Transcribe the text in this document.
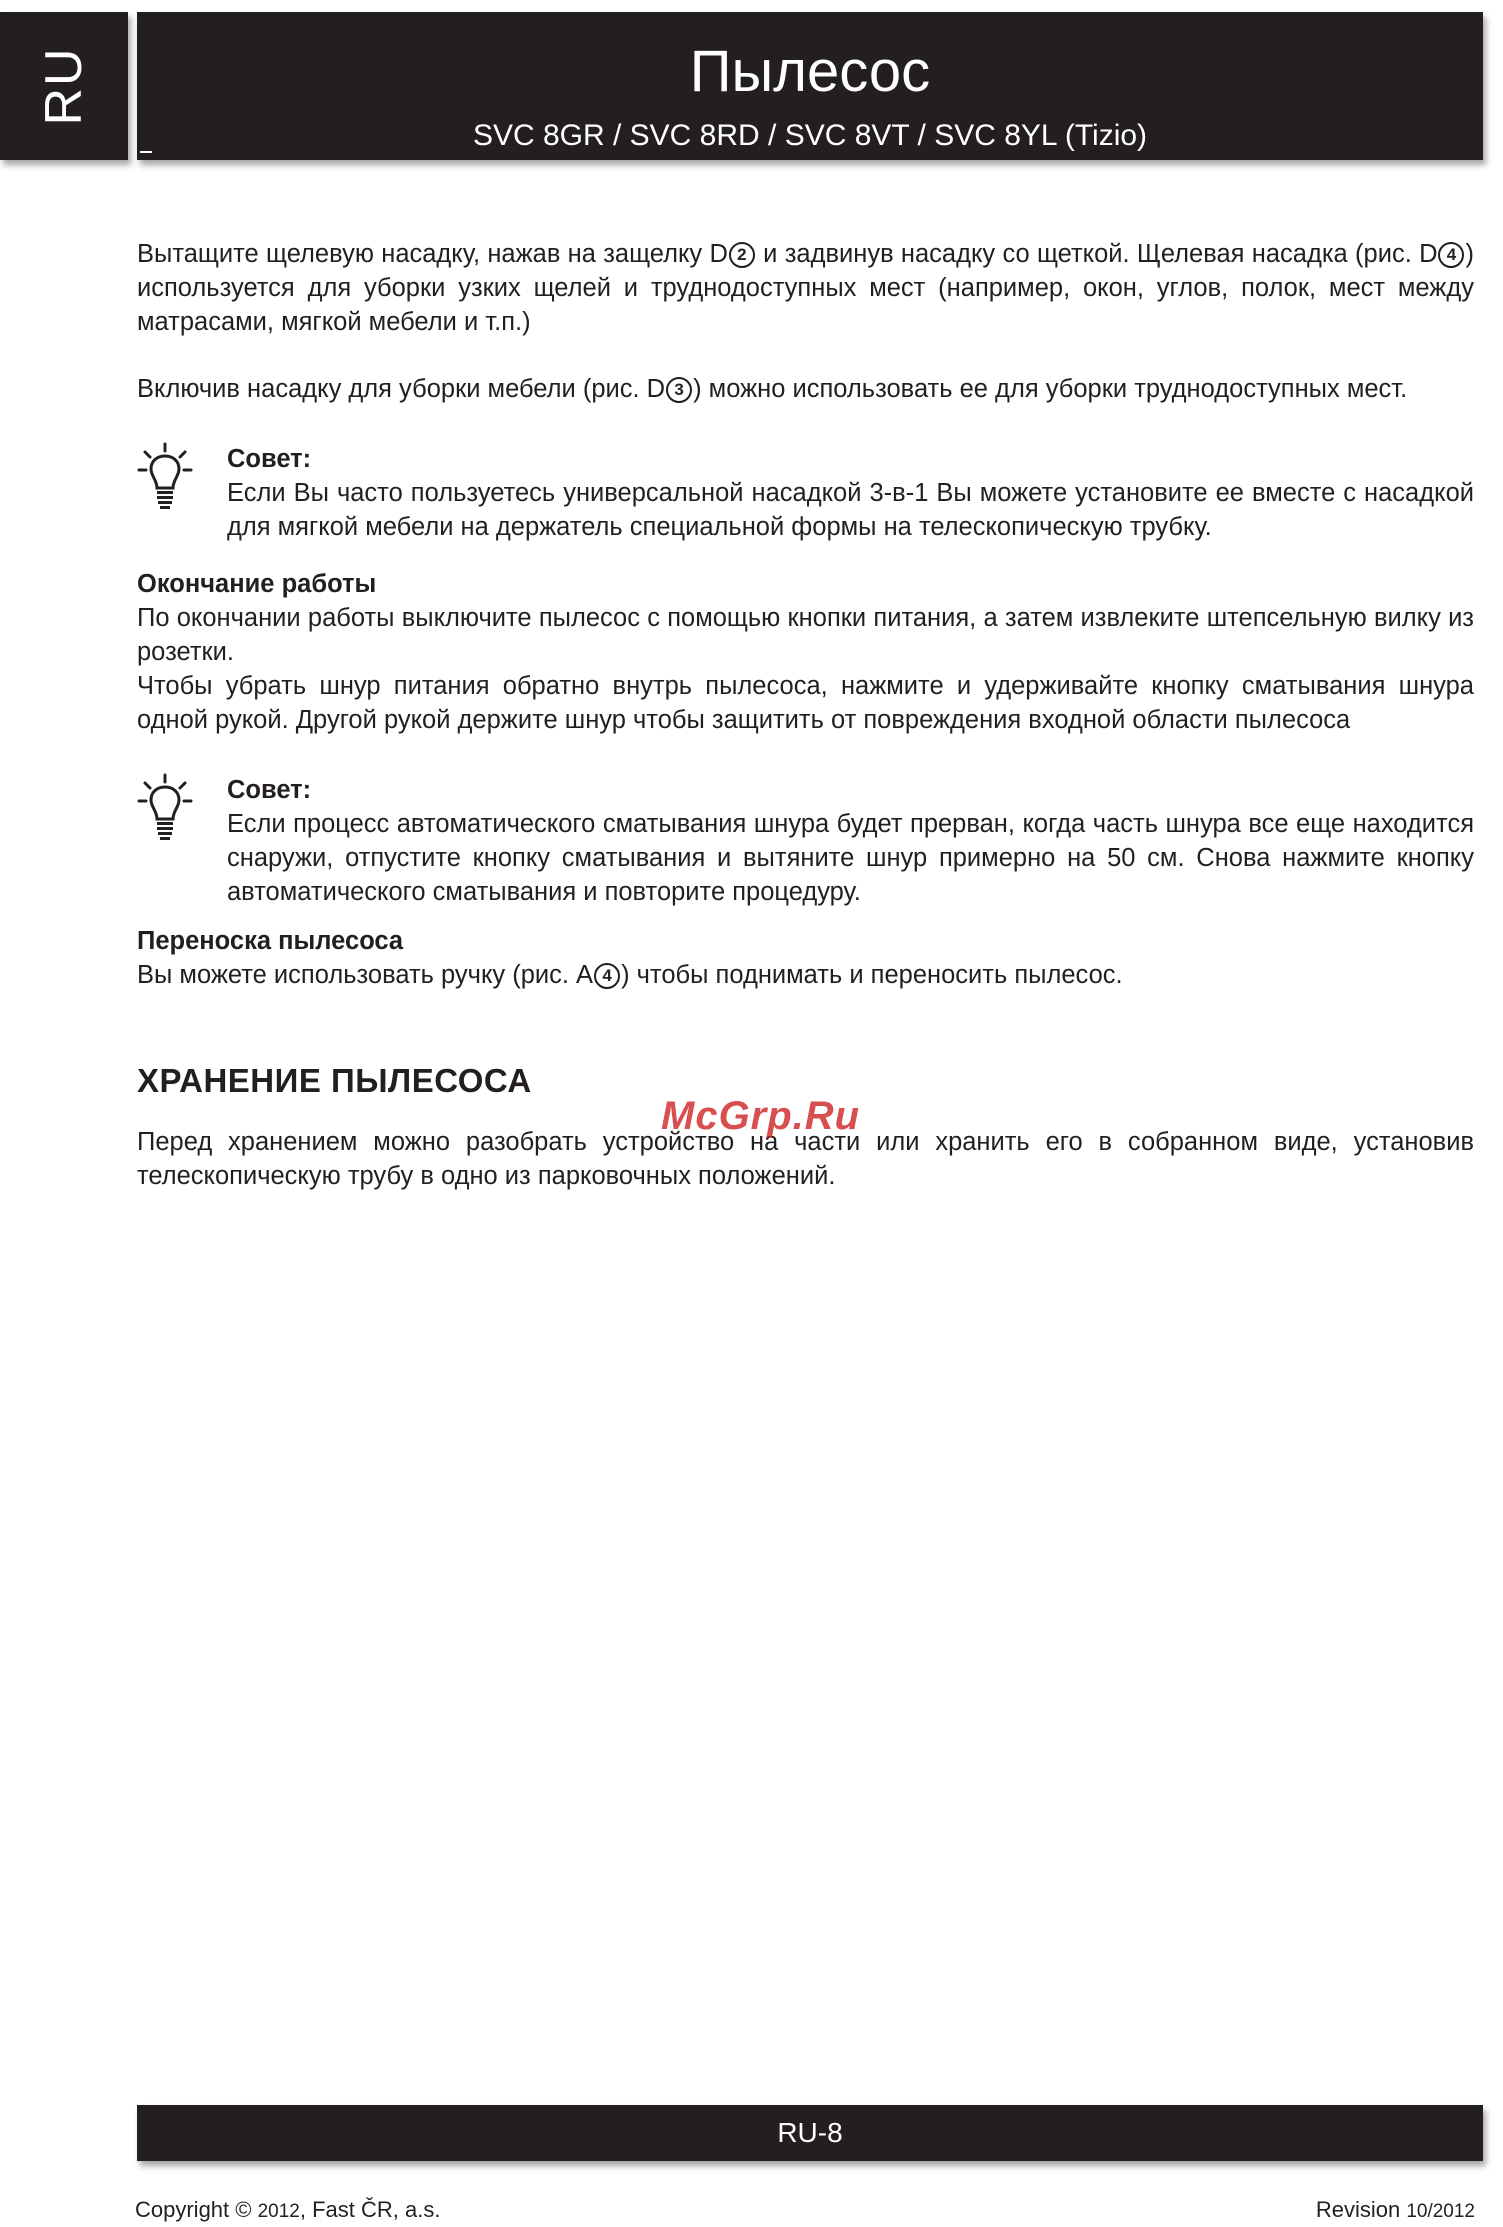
RU	Пылесос
SVC 8GR / SVC 8RD / SVC 8VT / SVC 8YL (Tizio)

Вытащите щелевую насадку, нажав на защелку D 2 и задвинув насадку со щеткой. Щелевая насадка (рис. D 4 ) используется для уборки узких щелей и труднодоступных мест (например, окон, углов, полок, мест между матрасами, мягкой мебели и т.п.)

Включив насадку для уборки мебели (рис. D 3 ) можно использовать ее для уборки труднодоступных мест.

Совет:
Если Вы часто пользуетесь универсальной насадкой 3-в-1 Вы можете установите ее вместе с насадкой для мягкой мебели на держатель специальной формы на телескопическую трубку.
Окончание работы

По окончании работы выключите пылесос с помощью кнопки питания, а затем извлеките штепсельную вилку из розетки.

Чтобы убрать шнур питания обратно внутрь пылесоса, нажмите и удерживайте кнопку сматывания шнура одной рукой. Другой рукой держите шнур чтобы защитить от повреждения входной области пылесоса

Совет:
Если процесс автоматического сматывания шнура будет прерван, когда часть шнура все еще находится снаружи, отпустите кнопку сматывания и вытяните шнур примерно на 50 см. Снова нажмите кнопку автоматического сматывания и повторите процедуру.
Переноска пылесоса

Вы можете использовать ручку (рис. A 4 ) чтобы поднимать и переносить пылесос.

ХРАНЕНИЕ ПЫЛЕСОСА

Перед хранением можно разобрать устройство на части или хранить его в собранном виде, установив телескопическую трубу в одно из парковочных положений.

McGrp.Ru
RU-8
Copyright © 2012, Fast ČR, a.s.	Revision 10/2012
